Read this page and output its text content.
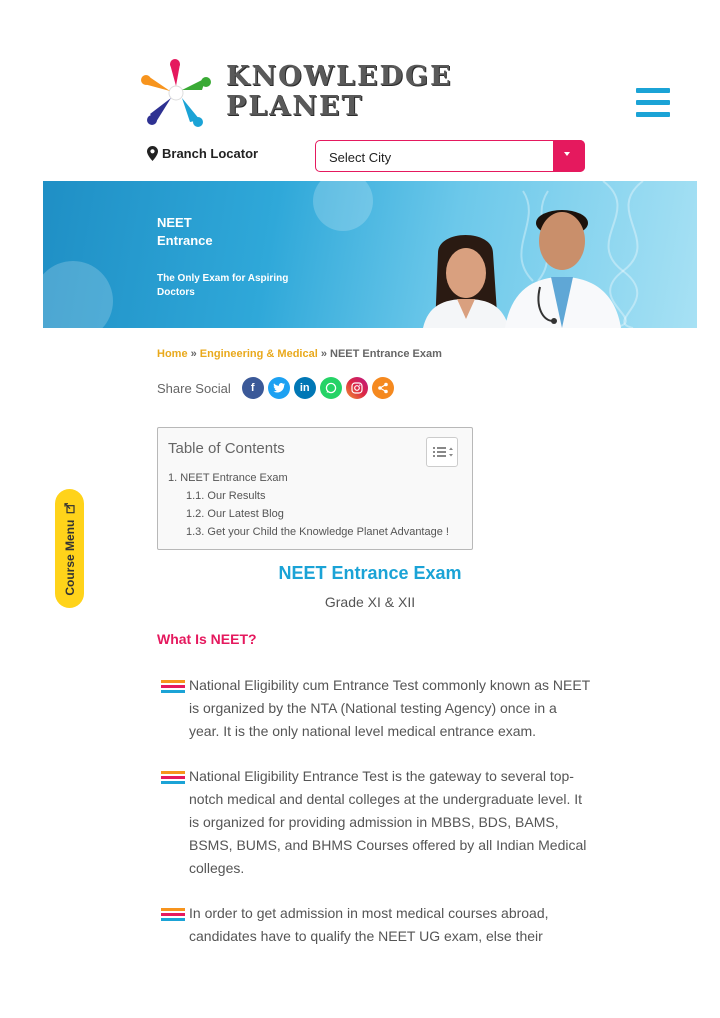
KNOWLEDGE
PLANET
Branch Locator	Select City
NEET
Entrance
The Only Exam for Aspiring Doctors
Home » Engineering & Medical » NEET Entrance Exam
Share Social	f	in
Table of Contents
1. NEET Entrance Exam
1.1. Our Results
1.2. Our Latest Blog
1.3. Get your Child the Knowledge Planet Advantage !
Course Menu	NEET Entrance Exam
Grade XI & XII
What Is NEET?
National Eligibility cum Entrance Test commonly known as NEET is organized by the NTA (National testing Agency) once in a year. It is the only national level medical entrance exam.
National Eligibility Entrance Test is the gateway to several top-notch medical and dental colleges at the undergraduate level. It is organized for providing admission in MBBS, BDS, BAMS, BSMS, BUMS, and BHMS Courses offered by all Indian Medical colleges.
In order to get admission in most medical courses abroad, candidates have to qualify the NEET UG exam, else their
